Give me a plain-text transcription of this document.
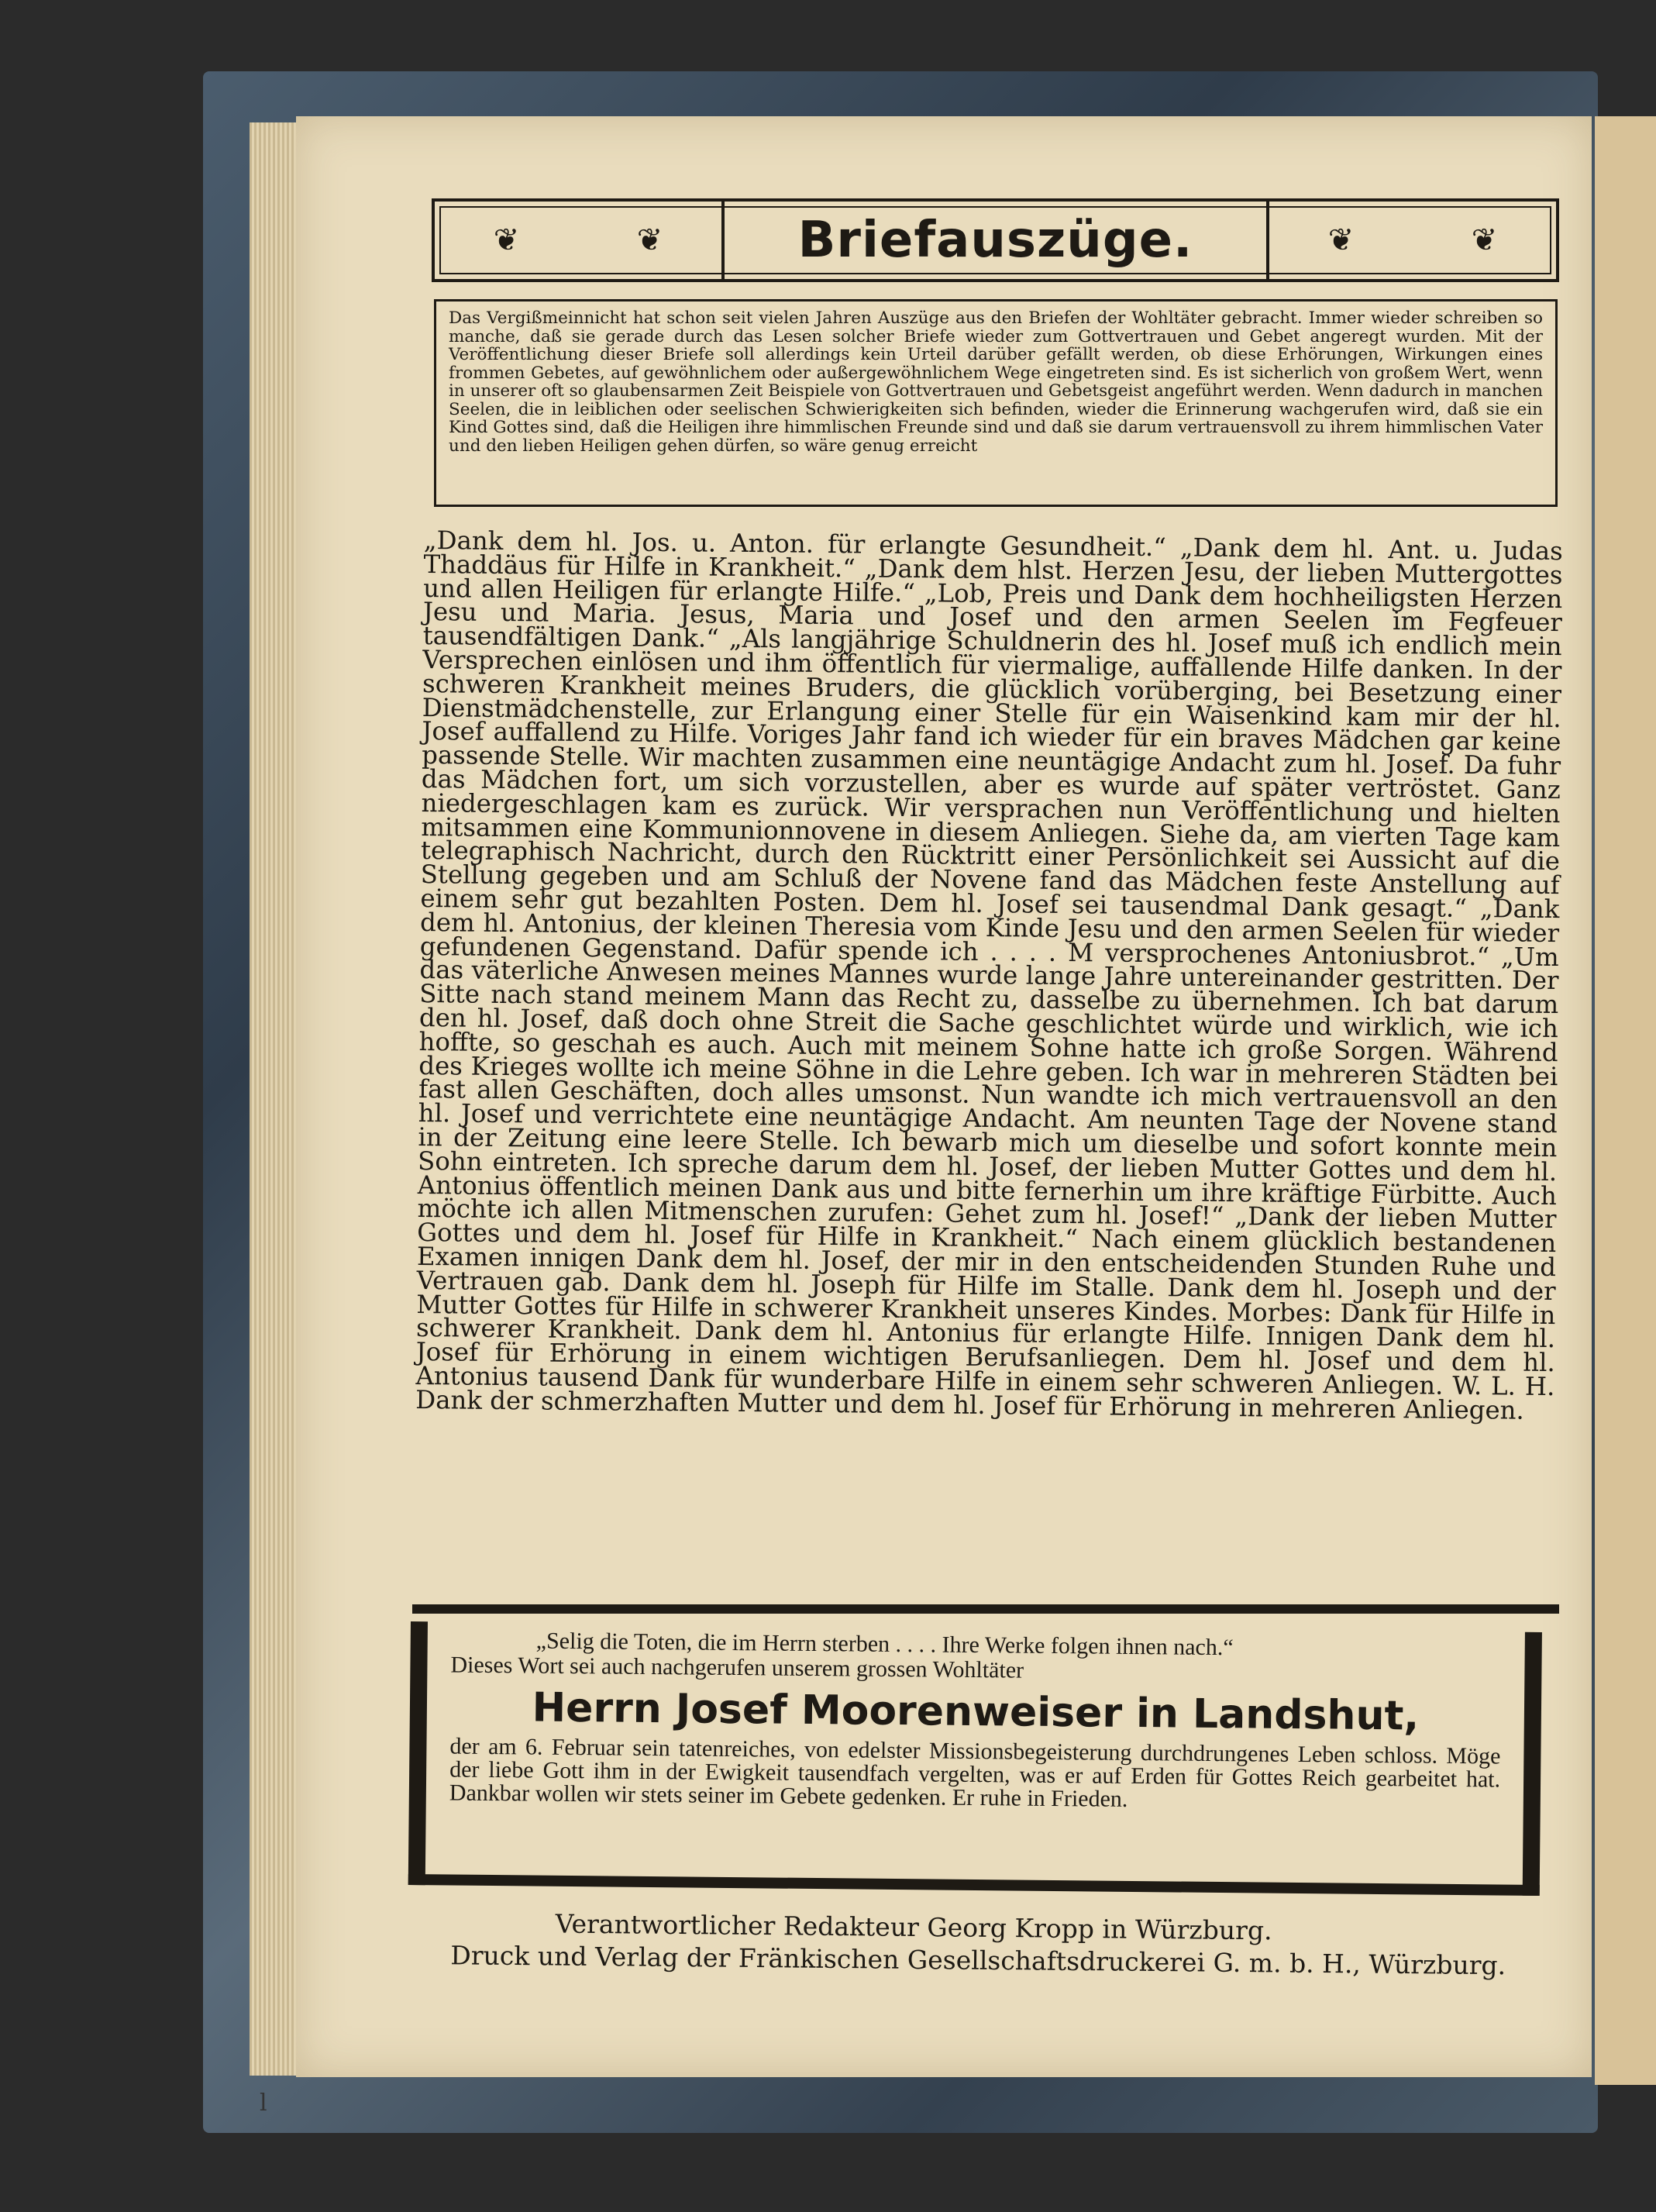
l
❦	❦	Briefauszüge.	❦	❦
Das Vergißmeinnicht hat schon seit vielen Jahren Auszüge aus den Briefen der Wohltäter gebracht. Immer wieder schreiben so manche, daß sie gerade durch das Lesen solcher Briefe wieder zum Gottvertrauen und Gebet angeregt wurden. Mit der Veröffentlichung dieser Briefe soll allerdings kein Urteil darüber gefällt werden, ob diese Erhörungen, Wirkungen eines frommen Gebetes, auf gewöhnlichem oder außergewöhnlichem Wege eingetreten sind. Es ist sicherlich von großem Wert, wenn in unserer oft so glaubensarmen Zeit Beispiele von Gottvertrauen und Gebetsgeist angeführt werden. Wenn dadurch in manchen Seelen, die in leiblichen oder seelischen Schwierigkeiten sich befinden, wieder die Erinnerung wachgerufen wird, daß sie ein Kind Gottes sind, daß die Heiligen ihre himmlischen Freunde sind und daß sie darum vertrauensvoll zu ihrem himmlischen Vater und den lieben Heiligen gehen dürfen, so wäre genug erreicht
„Dank dem hl. Jos. u. Anton. für erlangte Gesundheit.“ „Dank dem hl. Ant. u. Judas Thaddäus für Hilfe in Krankheit.“ „Dank dem hlst. Herzen Jesu, der lieben Muttergottes und allen Heiligen für erlangte Hilfe.“ „Lob, Preis und Dank dem hochheiligsten Herzen Jesu und Maria. Jesus, Maria und Josef und den armen Seelen im Fegfeuer tausendfältigen Dank.“ „Als langjährige Schuldnerin des hl. Josef muß ich endlich mein Versprechen einlösen und ihm öffentlich für viermalige, auffallende Hilfe danken. In der schweren Krankheit meines Bruders, die glücklich vorüberging, bei Besetzung einer Dienstmädchenstelle, zur Erlangung einer Stelle für ein Waisenkind kam mir der hl. Josef auffallend zu Hilfe. Voriges Jahr fand ich wieder für ein braves Mädchen gar keine passende Stelle. Wir machten zusammen eine neuntägige Andacht zum hl. Josef. Da fuhr das Mädchen fort, um sich vorzustellen, aber es wurde auf später vertröstet. Ganz niedergeschlagen kam es zurück. Wir versprachen nun Veröffentlichung und hielten mitsammen eine Kommunionnovene in diesem Anliegen. Siehe da, am vierten Tage kam telegraphisch Nachricht, durch den Rücktritt einer Persönlichkeit sei Aussicht auf die Stellung gegeben und am Schluß der Novene fand das Mädchen feste Anstellung auf einem sehr gut bezahlten Posten. Dem hl. Josef sei tausendmal Dank gesagt.“ „Dank dem hl. Antonius, der kleinen Theresia vom Kinde Jesu und den armen Seelen für wieder gefundenen Gegenstand. Dafür spende ich . . . . M versprochenes Antoniusbrot.“ „Um das väterliche Anwesen meines Mannes wurde lange Jahre untereinander gestritten. Der Sitte nach stand meinem Mann das Recht zu, dasselbe zu übernehmen. Ich bat darum den hl. Josef, daß doch ohne Streit die Sache geschlichtet würde und wirklich, wie ich hoffte, so geschah es auch. Auch mit meinem Sohne hatte ich große Sorgen. Während des Krieges wollte ich meine Söhne in die Lehre geben. Ich war in mehreren Städten bei fast allen Geschäften, doch alles umsonst. Nun wandte ich mich vertrauensvoll an den hl. Josef und verrichtete eine neuntägige Andacht. Am neunten Tage der Novene stand in der Zeitung eine leere Stelle. Ich bewarb mich um dieselbe und sofort konnte mein Sohn eintreten. Ich spreche darum dem hl. Josef, der lieben Mutter Gottes und dem hl. Antonius öffentlich meinen Dank aus und bitte fernerhin um ihre kräftige Fürbitte. Auch möchte ich allen Mitmenschen zurufen: Gehet zum hl. Josef!“ „Dank der lieben Mutter Gottes und dem hl. Josef für Hilfe in Krankheit.“ Nach einem glücklich bestandenen Examen innigen Dank dem hl. Josef, der mir in den entscheidenden Stunden Ruhe und Vertrauen gab. Dank dem hl. Joseph für Hilfe im Stalle. Dank dem hl. Joseph und der Mutter Gottes für Hilfe in schwerer Krankheit unseres Kindes. Morbes: Dank für Hilfe in schwerer Krankheit. Dank dem hl. Antonius für erlangte Hilfe. Innigen Dank dem hl. Josef für Erhörung in einem wichtigen Berufsanliegen. Dem hl. Josef und dem hl. Antonius tausend Dank für wunderbare Hilfe in einem sehr schweren Anliegen. W. L. H. Dank der schmerzhaften Mutter und dem hl. Josef für Erhörung in mehreren Anliegen.
„Selig die Toten, die im Herrn sterben . . . . Ihre Werke folgen ihnen nach.“
Dieses Wort sei auch nachgerufen unserem grossen Wohltäter
Herrn Josef Moorenweiser in Landshut,
der am 6. Februar sein tatenreiches, von edelster Missionsbegeisterung durchdrungenes Leben schloss. Möge der liebe Gott ihm in der Ewigkeit tausendfach vergelten, was er auf Erden für Gottes Reich gearbeitet hat. Dankbar wollen wir stets seiner im Gebete gedenken. Er ruhe in Frieden.
Verantwortlicher Redakteur Georg Kropp in Würzburg.
Druck und Verlag der Fränkischen Gesellschaftsdruckerei G. m. b. H., Würzburg.
